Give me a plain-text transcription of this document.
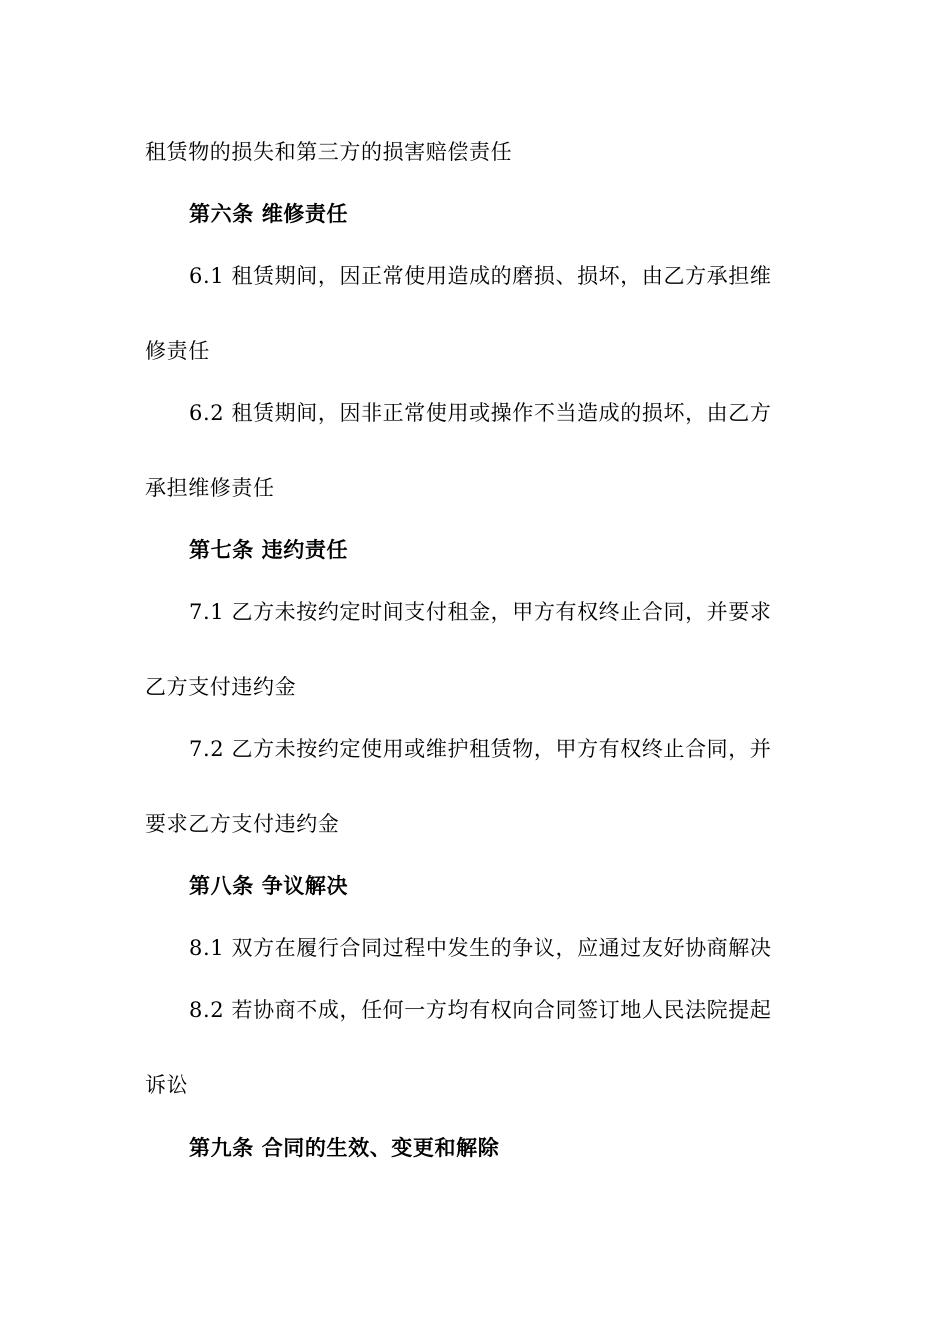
租赁物的损失和第三方的损害赔偿责任
第六条 维修责任
6.1 租赁期间，因正常使用造成的磨损、损坏，由乙方承担维
修责任
6.2 租赁期间，因非正常使用或操作不当造成的损坏，由乙方
承担维修责任
第七条 违约责任
7.1 乙方未按约定时间支付租金，甲方有权终止合同，并要求
乙方支付违约金
7.2 乙方未按约定使用或维护租赁物，甲方有权终止合同，并
要求乙方支付违约金
第八条 争议解决
8.1 双方在履行合同过程中发生的争议，应通过友好协商解决
8.2 若协商不成，任何一方均有权向合同签订地人民法院提起
诉讼
第九条 合同的生效、变更和解除
